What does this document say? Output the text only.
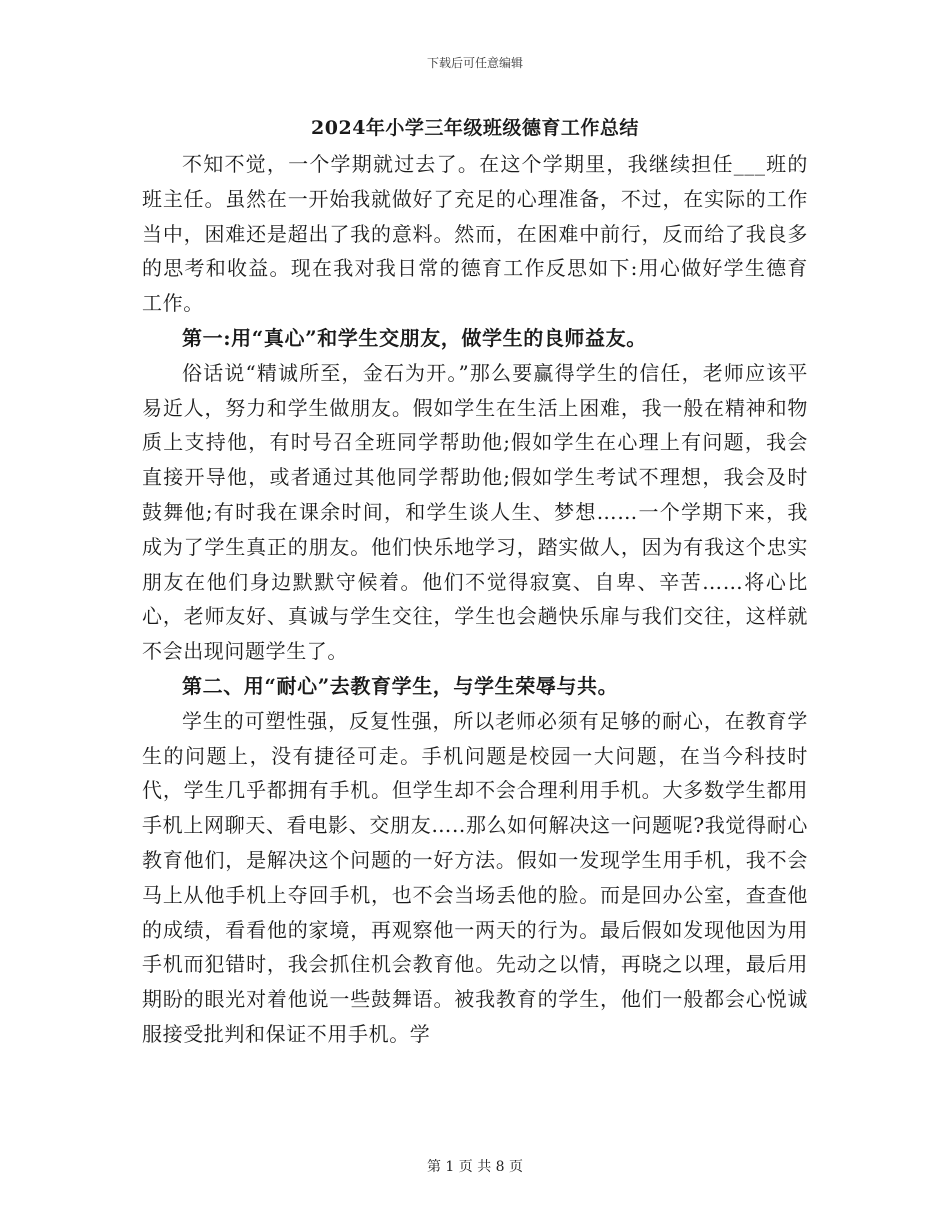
下载后可任意编辑
2024年小学三年级班级德育工作总结

不知不觉，一个学期就过去了。在这个学期里，我继续担任___班的班主任。虽然在一开始我就做好了充足的心理准备，不过，在实际的工作当中，困难还是超出了我的意料。然而，在困难中前行，反而给了我良多的思考和收益。现在我对我日常的德育工作反思如下:用心做好学生德育工作。

第一:用“真心”和学生交朋友，做学生的良师益友。

俗话说“精诚所至，金石为开。”那么要赢得学生的信任，老师应该平易近人，努力和学生做朋友。假如学生在生活上困难，我一般在精神和物质上支持他，有时号召全班同学帮助他;假如学生在心理上有问题，我会直接开导他，或者通过其他同学帮助他;假如学生考试不理想，我会及时鼓舞他;有时我在课余时间，和学生谈人生、梦想……一个学期下来，我成为了学生真正的朋友。他们快乐地学习，踏实做人，因为有我这个忠实朋友在他们身边默默守候着。他们不觉得寂寞、自卑、辛苦……将心比心，老师友好、真诚与学生交往，学生也会趟快乐扉与我们交往，这样就不会出现问题学生了。

第二、用“耐心”去教育学生，与学生荣辱与共。

学生的可塑性强，反复性强，所以老师必须有足够的耐心，在教育学生的问题上，没有捷径可走。手机问题是校园一大问题，在当今科技时代，学生几乎都拥有手机。但学生却不会合理利用手机。大多数学生都用手机上网聊天、看电影、交朋友…..那么如何解决这一问题呢?我觉得耐心教育他们，是解决这个问题的一好方法。假如一发现学生用手机，我不会马上从他手机上夺回手机，也不会当场丢他的脸。而是回办公室，查查他的成绩，看看他的家境，再观察他一两天的行为。最后假如发现他因为用手机而犯错时，我会抓住机会教育他。先动之以情，再晓之以理，最后用期盼的眼光对着他说一些鼓舞语。被我教育的学生，他们一般都会心悦诚服接受批判和保证不用手机。学

第 1 页 共 8 页
